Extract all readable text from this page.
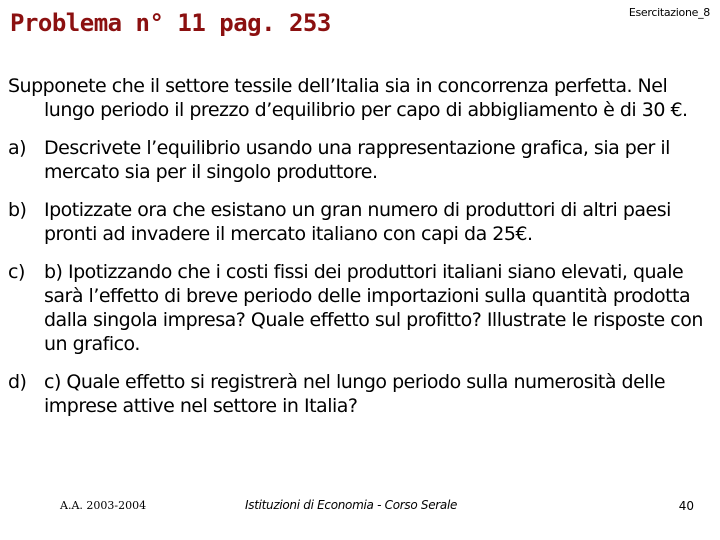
Problema n° 11 pag. 253	Esercitazione_8

Supponete che il settore tessile dell’Italia sia in concorrenza perfetta. Nel lungo periodo il prezzo d’equilibrio per capo di abbigliamento è di 30 €.

a) Descrivete l’equilibrio usando una rappresentazione grafica, sia per il mercato sia per il singolo produttore.
b) Ipotizzate ora che esistano un gran numero di produttori di altri paesi pronti ad invadere il mercato italiano con capi da 25€.
c) b) Ipotizzando che i costi fissi dei produttori italiani siano elevati, quale sarà l’effetto di breve periodo delle importazioni sulla quantità prodotta dalla singola impresa? Quale effetto sul profitto? Illustrate le risposte con un grafico.
d) c) Quale effetto si registrerà nel lungo periodo sulla numerosità delle imprese attive nel settore in Italia?
A.A. 2003-2004	Istituzioni di Economia - Corso Serale	40
